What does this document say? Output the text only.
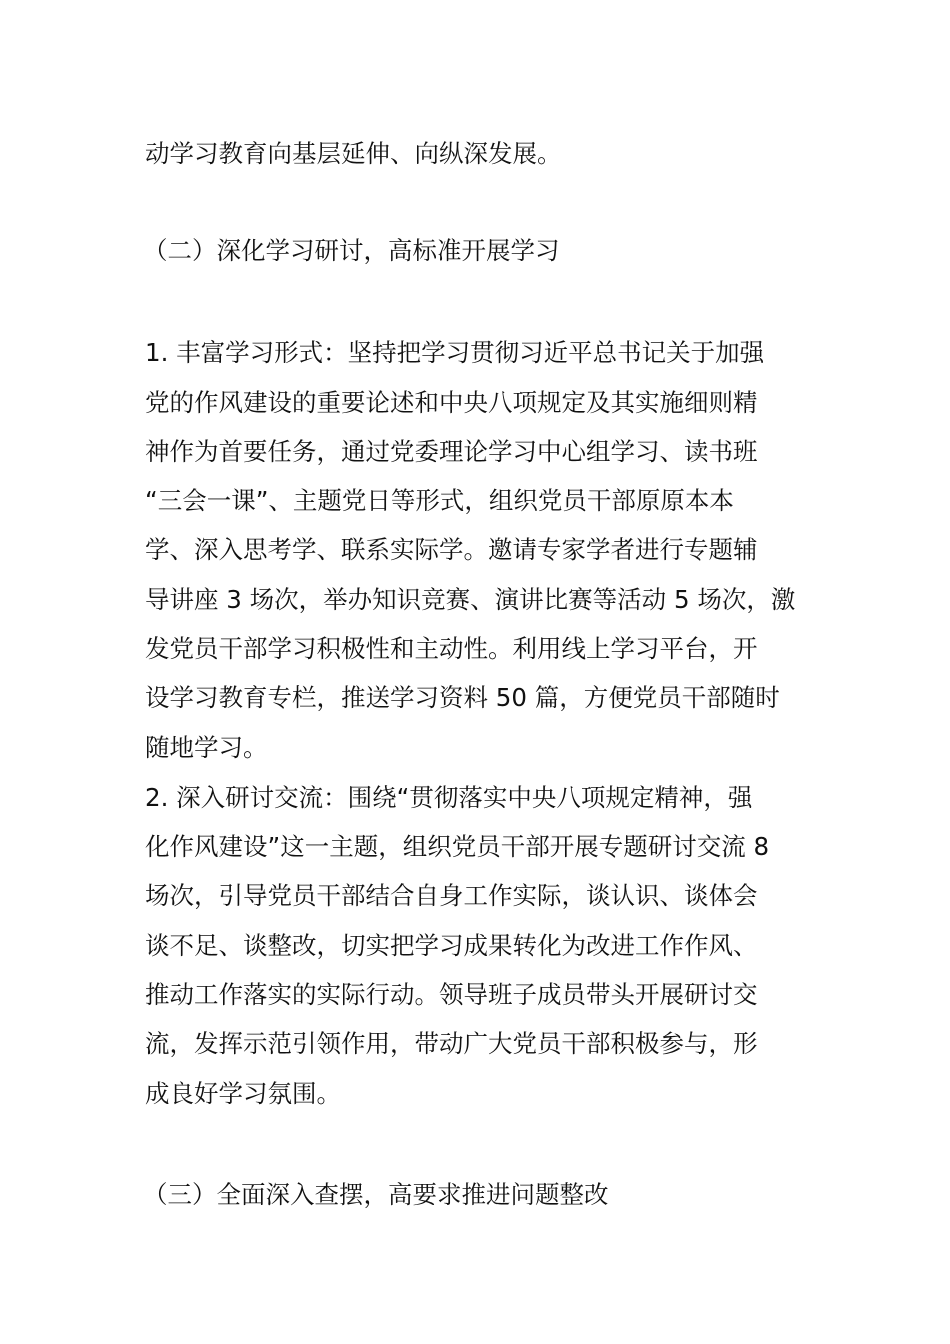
动学习教育向基层延伸、向纵深发展。

（二）深化学习研讨，高标准开展学习

1. 丰富学习形式：坚持把学习贯彻习近平总书记关于加强

党的作风建设的重要论述和中央八项规定及其实施细则精

神作为首要任务，通过党委理论学习中心组学习、读书班

“三会一课”、主题党日等形式，组织党员干部原原本本

学、深入思考学、联系实际学。邀请专家学者进行专题辅

导讲座 3 场次，举办知识竞赛、演讲比赛等活动 5 场次，激

发党员干部学习积极性和主动性。利用线上学习平台，开

设学习教育专栏，推送学习资料 50 篇，方便党员干部随时

随地学习。

2. 深入研讨交流：围绕“贯彻落实中央八项规定精神，强

化作风建设”这一主题，组织党员干部开展专题研讨交流 8

场次，引导党员干部结合自身工作实际，谈认识、谈体会

谈不足、谈整改，切实把学习成果转化为改进工作作风、

推动工作落实的实际行动。领导班子成员带头开展研讨交

流，发挥示范引领作用，带动广大党员干部积极参与，形

成良好学习氛围。

（三）全面深入查摆，高要求推进问题整改
